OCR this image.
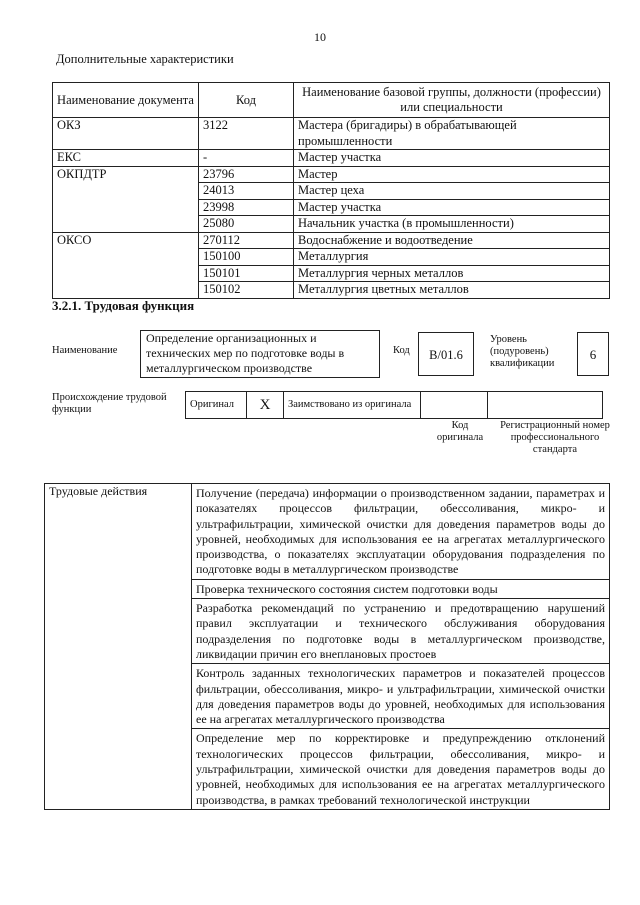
10
Дополнительные характеристики
Наименование документа	Код	Наименование базовой группы, должности (профессии) или специальности
ОКЗ	3122	Мастера (бригадиры) в обрабатывающей промышленности
ЕКС	-	Мастер участка
ОКПДТР	23796	Мастер
	24013	Мастер цеха
	23998	Мастер участка
	25080	Начальник участка (в промышленности)
ОКСО	270112	Водоснабжение и водоотведение
	150100	Металлургия
	150101	Металлургия черных металлов
	150102	Металлургия цветных металлов
3.2.1. Трудовая функция
Наименование
Определение организационных и технических мер по подготовке воды в металлургическом производстве
Код	B/01.6
Уровень (подуровень) квалификации
6
Происхождение трудовой функции	Оригинал	X	Заимствовано из оригинала		
Код оригинала
Регистрационный номер профессионального стандарта
Трудовые действия	Получение (передача) информации о производственном задании, параметрах и показателях процессов фильтрации, обессоливания, микро- и ультрафильтрации, химической очистки для доведения параметров воды до уровней, необходимых для использования ее на агрегатах металлургического производства, о показателях эксплуатации оборудования подразделения по подготовке воды в металлургическом производстве
Проверка технического состояния систем подготовки воды
Разработка рекомендаций по устранению и предотвращению нарушений правил эксплуатации и технического обслуживания оборудования подразделения по подготовке воды в металлургическом производстве, ликвидации причин его внеплановых простоев
Контроль заданных технологических параметров и показателей процессов фильтрации, обессоливания, микро- и ультрафильтрации, химической очистки для доведения параметров воды до уровней, необходимых для использования ее на агрегатах металлургического производства
Определение мер по корректировке и предупреждению отклонений технологических процессов фильтрации, обессоливания, микро- и ультрафильтрации, химической очистки для доведения параметров воды до уровней, необходимых для использования ее на агрегатах металлургического производства, в рамках требований технологической инструкции
